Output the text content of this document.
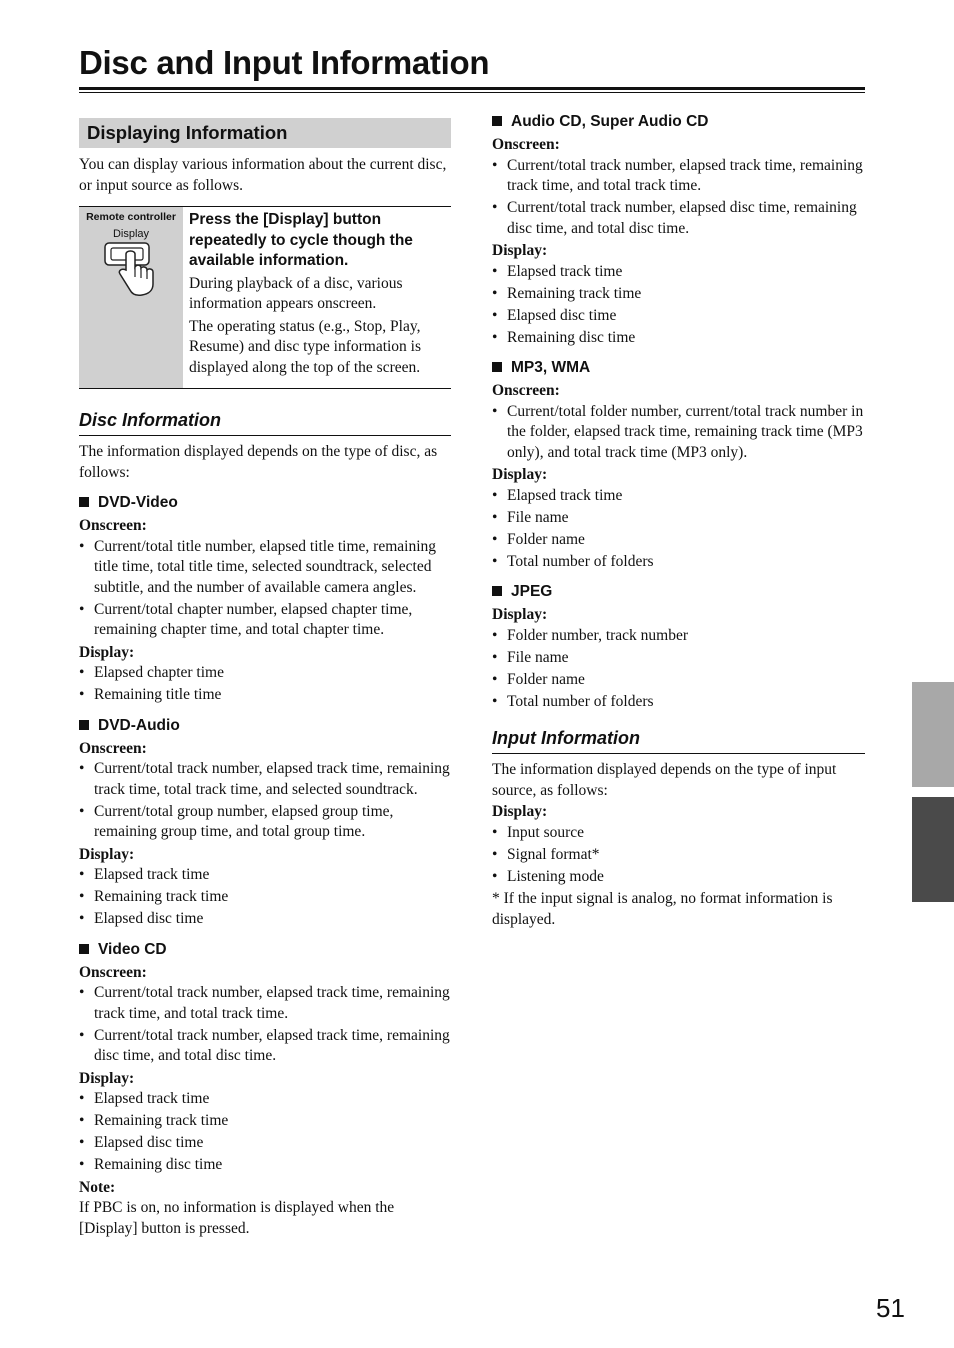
Disc and Input Information
Displaying Information

You can display various information about the current disc, or input source as follows.

Remote controller
Display
Press the [Display] button repeatedly to cycle though the available information.

During playback of a disc, various information appears onscreen.

The operating status (e.g., Stop, Play, Resume) and disc type information is displayed along the top of the screen.

Disc Information

The information displayed depends on the type of disc, as follows:

DVD-Video
Onscreen:
• Current/total title number, elapsed title time, remaining title time, total title time, selected soundtrack, selected subtitle, and the number of available camera angles.
• Current/total chapter number, elapsed chapter time, remaining chapter time, and total chapter time.
Display:
• Elapsed chapter time
• Remaining title time
DVD-Audio
Onscreen:
• Current/total track number, elapsed track time, remaining track time, total track time, and selected soundtrack.
• Current/total group number, elapsed group time, remaining group time, and total group time.
Display:
• Elapsed track time
• Remaining track time
• Elapsed disc time
Video CD
Onscreen:
• Current/total track number, elapsed track time, remaining track time, and total track time.
• Current/total track number, elapsed track time, remaining disc time, and total disc time.
Display:
• Elapsed track time
• Remaining track time
• Elapsed disc time
• Remaining disc time
Note:

If PBC is on, no information is displayed when the [Display] button is pressed.

Audio CD, Super Audio CD
Onscreen:
• Current/total track number, elapsed track time, remaining track time, and total track time.
• Current/total track number, elapsed disc time, remaining disc time, and total disc time.
Display:
• Elapsed track time
• Remaining track time
• Elapsed disc time
• Remaining disc time
MP3, WMA
Onscreen:
• Current/total folder number, current/total track number in the folder, elapsed track time, remaining track time (MP3 only), and total track time (MP3 only).
Display:
• Elapsed track time
• File name
• Folder name
• Total number of folders
JPEG
Display:
• Folder number, track number
• File name
• Folder name
• Total number of folders
Input Information

The information displayed depends on the type of input source, as follows:

Display:
• Input source
• Signal format*
• Listening mode

* If the input signal is analog, no format information is displayed.

51
